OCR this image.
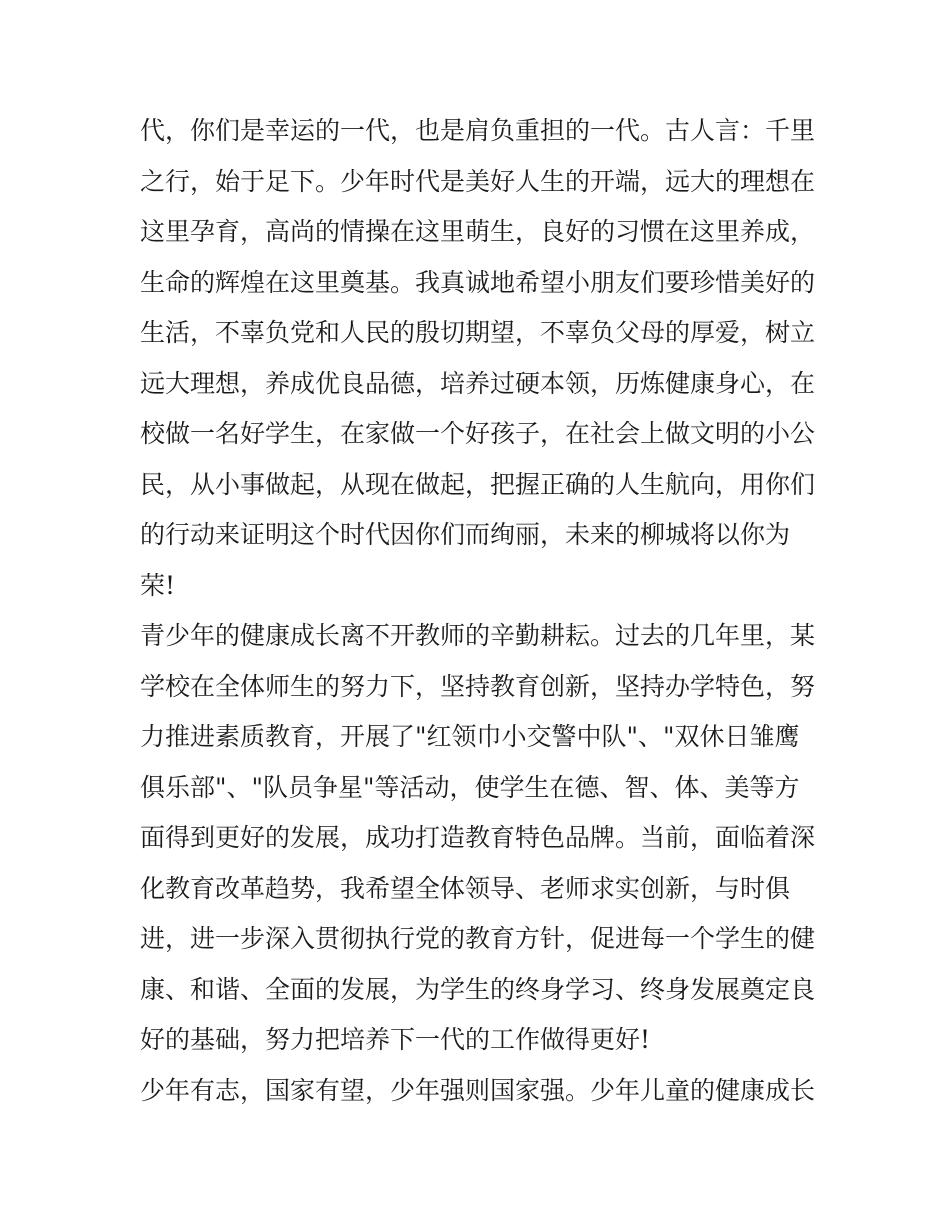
代，你们是幸运的一代，也是肩负重担的一代。古人言：千里
之行，始于足下。少年时代是美好人生的开端，远大的理想在
这里孕育，高尚的情操在这里萌生，良好的习惯在这里养成，
生命的辉煌在这里奠基。我真诚地希望小朋友们要珍惜美好的
生活，不辜负党和人民的殷切期望，不辜负父母的厚爱，树立
远大理想，养成优良品德，培养过硬本领，历炼健康身心，在
校做一名好学生，在家做一个好孩子，在社会上做文明的小公
民，从小事做起，从现在做起，把握正确的人生航向，用你们
的行动来证明这个时代因你们而绚丽，未来的柳城将以你为
荣!
青少年的健康成长离不开教师的辛勤耕耘。过去的几年里，某
学校在全体师生的努力下，坚持教育创新，坚持办学特色，努
力推进素质教育，开展了"红领巾小交警中队"、"双休日雏鹰
俱乐部"、"队员争星"等活动，使学生在德、智、体、美等方
面得到更好的发展，成功打造教育特色品牌。当前，面临着深
化教育改革趋势，我希望全体领导、老师求实创新，与时俱
进，进一步深入贯彻执行党的教育方针，促进每一个学生的健
康、和谐、全面的发展，为学生的终身学习、终身发展奠定良
好的基础，努力把培养下一代的工作做得更好!
少年有志，国家有望，少年强则国家强。少年儿童的健康成长
